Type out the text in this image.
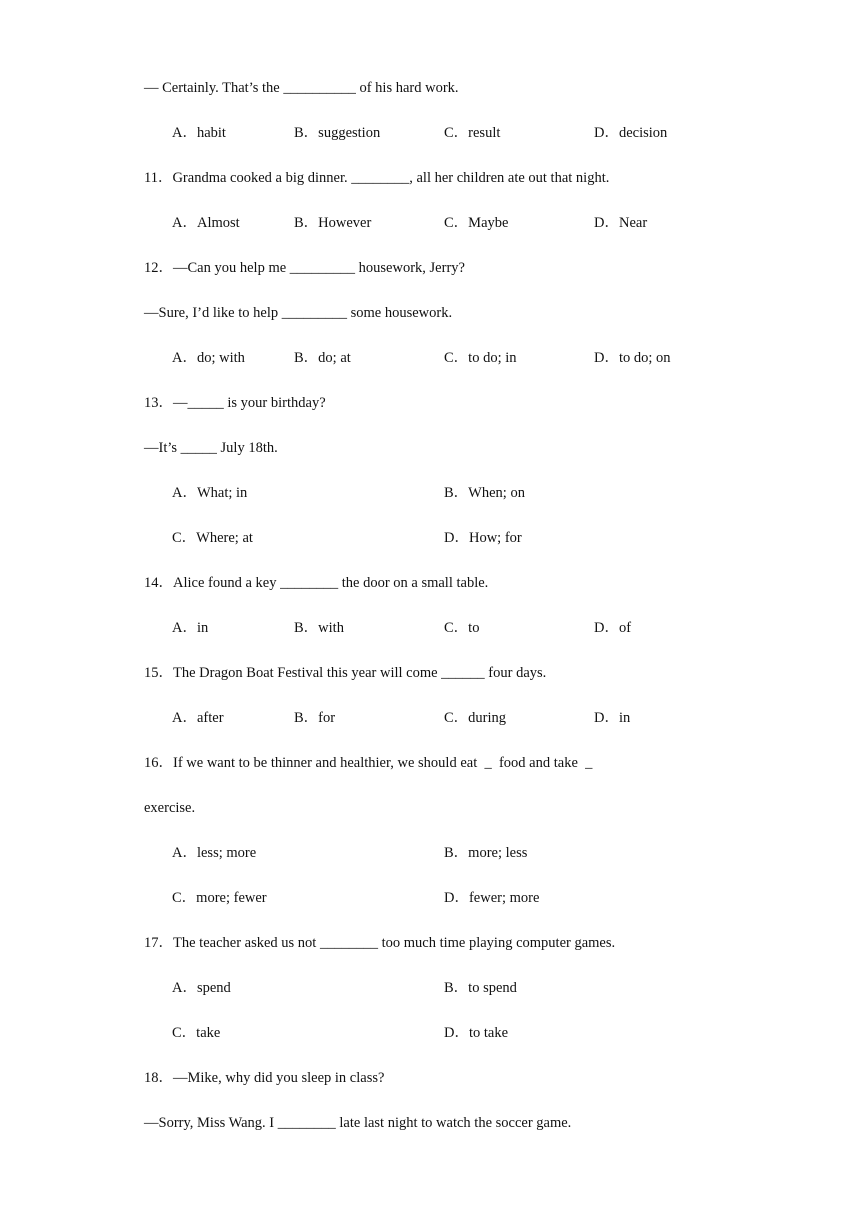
— Certainly. That’s the __________ of his hard work.
A．habit	B．suggestion	C．result	D．decision
11．Grandma cooked a big dinner. ________, all her children ate out that night.
A．Almost	B．However	C．Maybe	D．Near
12．—Can you help me _________ housework, Jerry?
—Sure, I’d like to help _________ some housework.
A．do; with	B．do; at	C．to do; in	D．to do; on
13．—_____ is your birthday?
—It’s _____ July 18th.
A．What; in	B．When; on
C．Where; at	D．How; for
14．Alice found a key ________ the door on a small table.
A．in	B．with	C．to	D．of
15．The Dragon Boat Festival this year will come ______ four days.
A．after	B．for	C．during	D．in
16．If we want to be thinner and healthier, we should eat  _  food and take  _
exercise.
A．less; more	B．more; less
C．more; fewer	D．fewer; more
17．The teacher asked us not ________ too much time playing computer games.
A．spend	B．to spend
C．take	D．to take
18．—Mike, why did you sleep in class?
—Sorry, Miss Wang. I ________ late last night to watch the soccer game.
